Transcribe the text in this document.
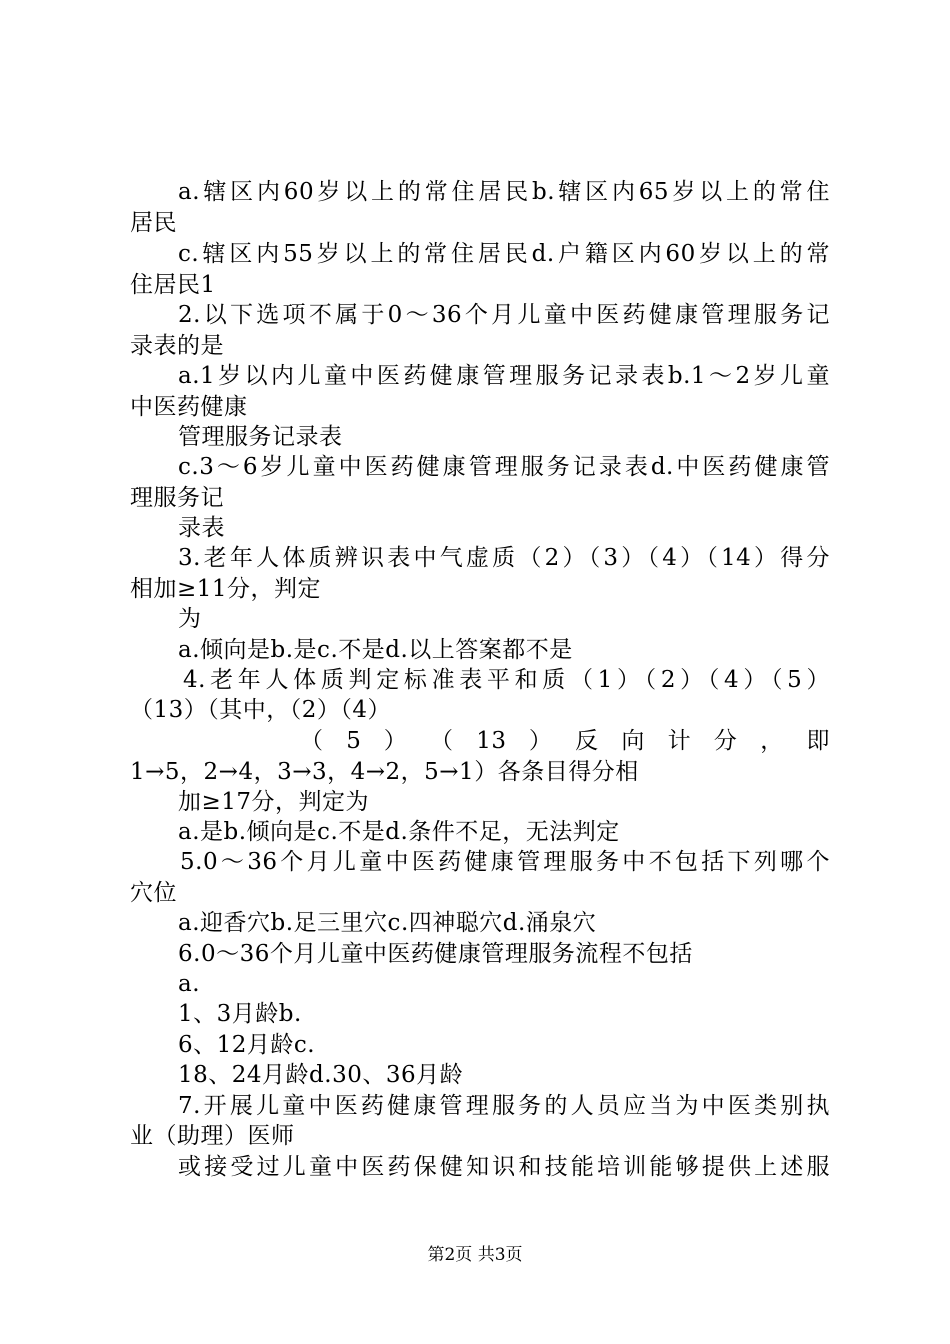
a.辖区内60岁以上的常住居民b.辖区内65岁以上的常住
居民
c.辖区内55岁以上的常住居民d.户籍区内60岁以上的常
住居民1
2.以下选项不属于0～36个月儿童中医药健康管理服务记
录表的是
a.1岁以内儿童中医药健康管理服务记录表b.1～2岁儿童
中医药健康
管理服务记录表
c.3～6岁儿童中医药健康管理服务记录表d.中医药健康管
理服务记
录表
3.老年人体质辨识表中气虚质（2）（3）（4）（14）得分
相加≥11分，判定
为
a.倾向是b.是c.不是d.以上答案都不是
4.老年人体质判定标准表平和质（1）（2）（4）（5）
（13）（其中，（2）（4）
（ 5 ） （ 13 ） 反 向 计 分 ， 即
1→5，2→4，3→3，4→2，5→1）各条目得分相
加≥17分，判定为
a.是b.倾向是c.不是d.条件不足，无法判定
5.0～36个月儿童中医药健康管理服务中不包括下列哪个
穴位
a.迎香穴b.足三里穴c.四神聪穴d.涌泉穴
6.0～36个月儿童中医药健康管理服务流程不包括
a.
1、3月龄b.
6、12月龄c.
18、24月龄d.30、36月龄
7.开展儿童中医药健康管理服务的人员应当为中医类别执
业（助理）医师
或接受过儿童中医药保健知识和技能培训能够提供上述服
第2页 共3页
